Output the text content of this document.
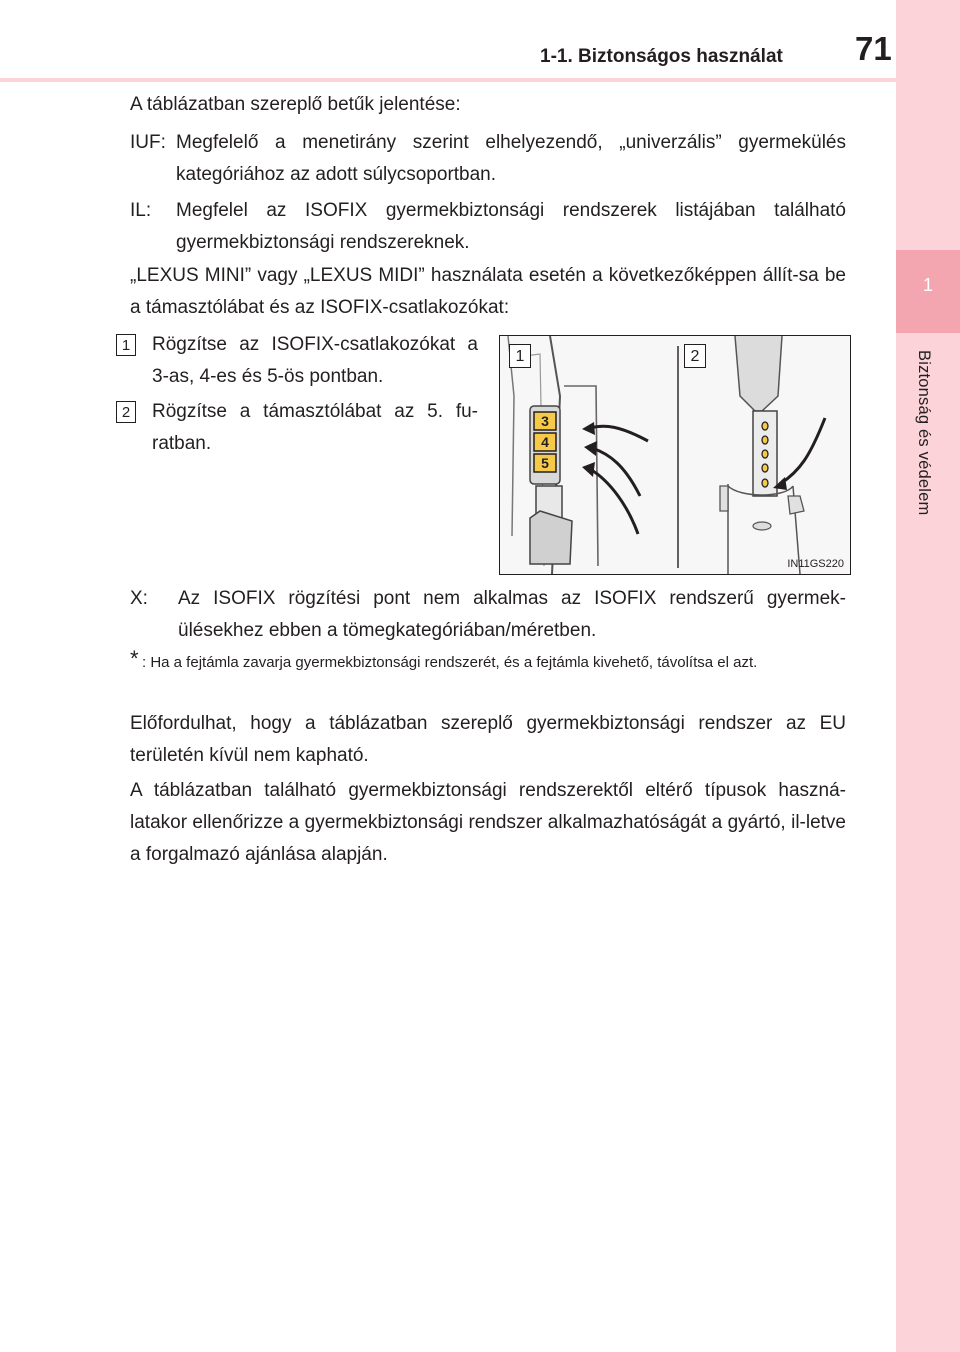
1
Biztonság és védelem
1-1. Biztonságos használat 71
A táblázatban szereplő betűk jelentése:
IUF: Megfelelő a menetirány szerint elhelyezendő, „univerzális” gyermekülés kategóriához az adott súlycsoportban.
IL: Megfelel az ISOFIX gyermekbiztonsági rendszerek listájában található gyermekbiztonsági rendszereknek.
„LEXUS MINI” vagy „LEXUS MIDI” használata esetén a következőképpen állít-sa be a támasztólábat és az ISOFIX-csatlakozókat:
1	Rögzítse az ISOFIX-csatlakozókat a 3-as, 4-es és 5-ös pontban.
2	Rögzítse a támasztólábat az 5. fu-ratban.
3
4
5
1	2
IN11GS220
X: Az ISOFIX rögzítési pont nem alkalmas az ISOFIX rendszerű gyermek-ülésekhez ebben a tömegkategóriában/méretben.
* : Ha a fejtámla zavarja gyermekbiztonsági rendszerét, és a fejtámla kivehető, távolítsa el azt.
Előfordulhat, hogy a táblázatban szereplő gyermekbiztonsági rendszer az EU területén kívül nem kapható.
A táblázatban található gyermekbiztonsági rendszerektől eltérő típusok haszná-latakor ellenőrizze a gyermekbiztonsági rendszer alkalmazhatóságát a gyártó, il-letve a forgalmazó ajánlása alapján.
